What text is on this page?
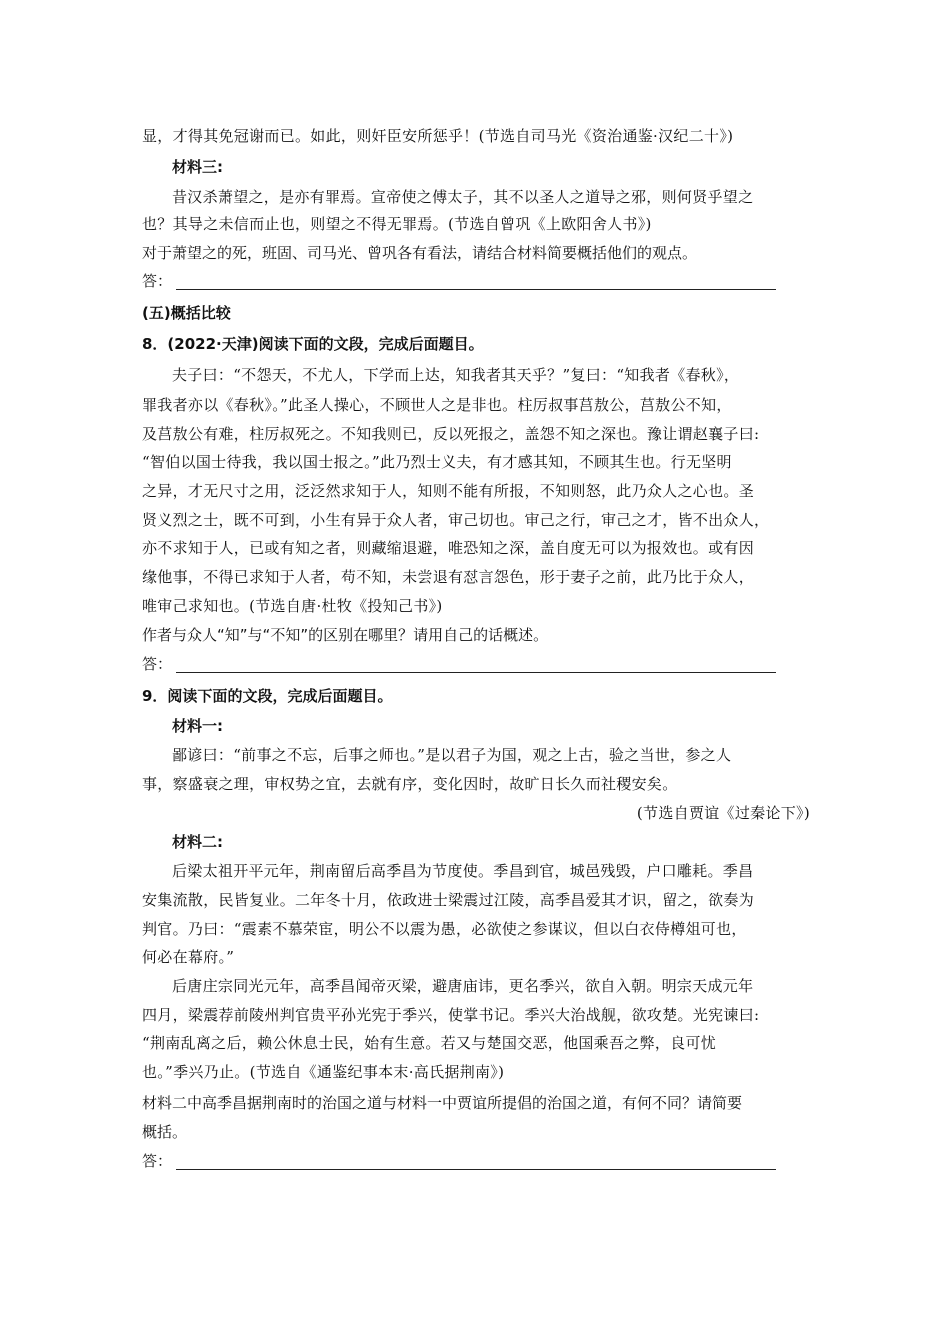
显，才得其免冠谢而已。如此，则奸臣安所惩乎！(节选自司马光《资治通鉴·汉纪二十》)
材料三:
昔汉杀萧望之，是亦有罪焉。宣帝使之傅太子，其不以圣人之道导之邪，则何贤乎望之
也？其导之未信而止也，则望之不得无罪焉。(节选自曾巩《上欧阳舍人书》)
对于萧望之的死，班固、司马光、曾巩各有看法，请结合材料简要概括他们的观点。
答：
(五)概括比较
8．(2022·天津)阅读下面的文段，完成后面题目。
夫子曰：“不怨天，不尤人，下学而上达，知我者其天乎？”复曰：“知我者《春秋》，
罪我者亦以《春秋》。”此圣人操心，不顾世人之是非也。柱厉叔事莒敖公，莒敖公不知，
及莒敖公有难，柱厉叔死之。不知我则已，反以死报之，盖怨不知之深也。豫让谓赵襄子曰:
“智伯以国士待我，我以国士报之。”此乃烈士义夫，有才感其知，不顾其生也。行无坚明
之异，才无尺寸之用，泛泛然求知于人，知则不能有所报，不知则怒，此乃众人之心也。圣
贤义烈之士，既不可到，小生有异于众人者，审己切也。审己之行，审己之才，皆不出众人，
亦不求知于人，已或有知之者，则藏缩退避，唯恐知之深，盖自度无可以为报效也。或有因
缘他事，不得已求知于人者，苟不知，未尝退有怼言怨色，形于妻子之前，此乃比于众人，
唯审己求知也。(节选自唐·杜牧《投知己书》)
作者与众人“知”与“不知”的区别在哪里？请用自己的话概述。
答：
9．阅读下面的文段，完成后面题目。
材料一:
鄙谚曰：“前事之不忘，后事之师也。”是以君子为国，观之上古，验之当世，参之人
事，察盛衰之理，审权势之宜，去就有序，变化因时，故旷日长久而社稷安矣。
(节选自贾谊《过秦论下》)
材料二:
后梁太祖开平元年，荆南留后高季昌为节度使。季昌到官，城邑残毁，户口雕耗。季昌
安集流散，民皆复业。二年冬十月，依政进士梁震过江陵，高季昌爱其才识，留之，欲奏为
判官。乃曰：“震素不慕荣宦，明公不以震为愚，必欲使之参谋议，但以白衣侍樽俎可也，
何必在幕府。”
后唐庄宗同光元年，高季昌闻帝灭梁，避唐庙讳，更名季兴，欲自入朝。明宗天成元年
四月，梁震荐前陵州判官贵平孙光宪于季兴，使掌书记。季兴大治战舰，欲攻楚。光宪谏曰:
“荆南乱离之后，赖公休息士民，始有生意。若又与楚国交恶，他国乘吾之弊，良可忧
也。”季兴乃止。(节选自《通鉴纪事本末·高氏据荆南》)
材料二中高季昌据荆南时的治国之道与材料一中贾谊所提倡的治国之道，有何不同？请简要
概括。
答：
